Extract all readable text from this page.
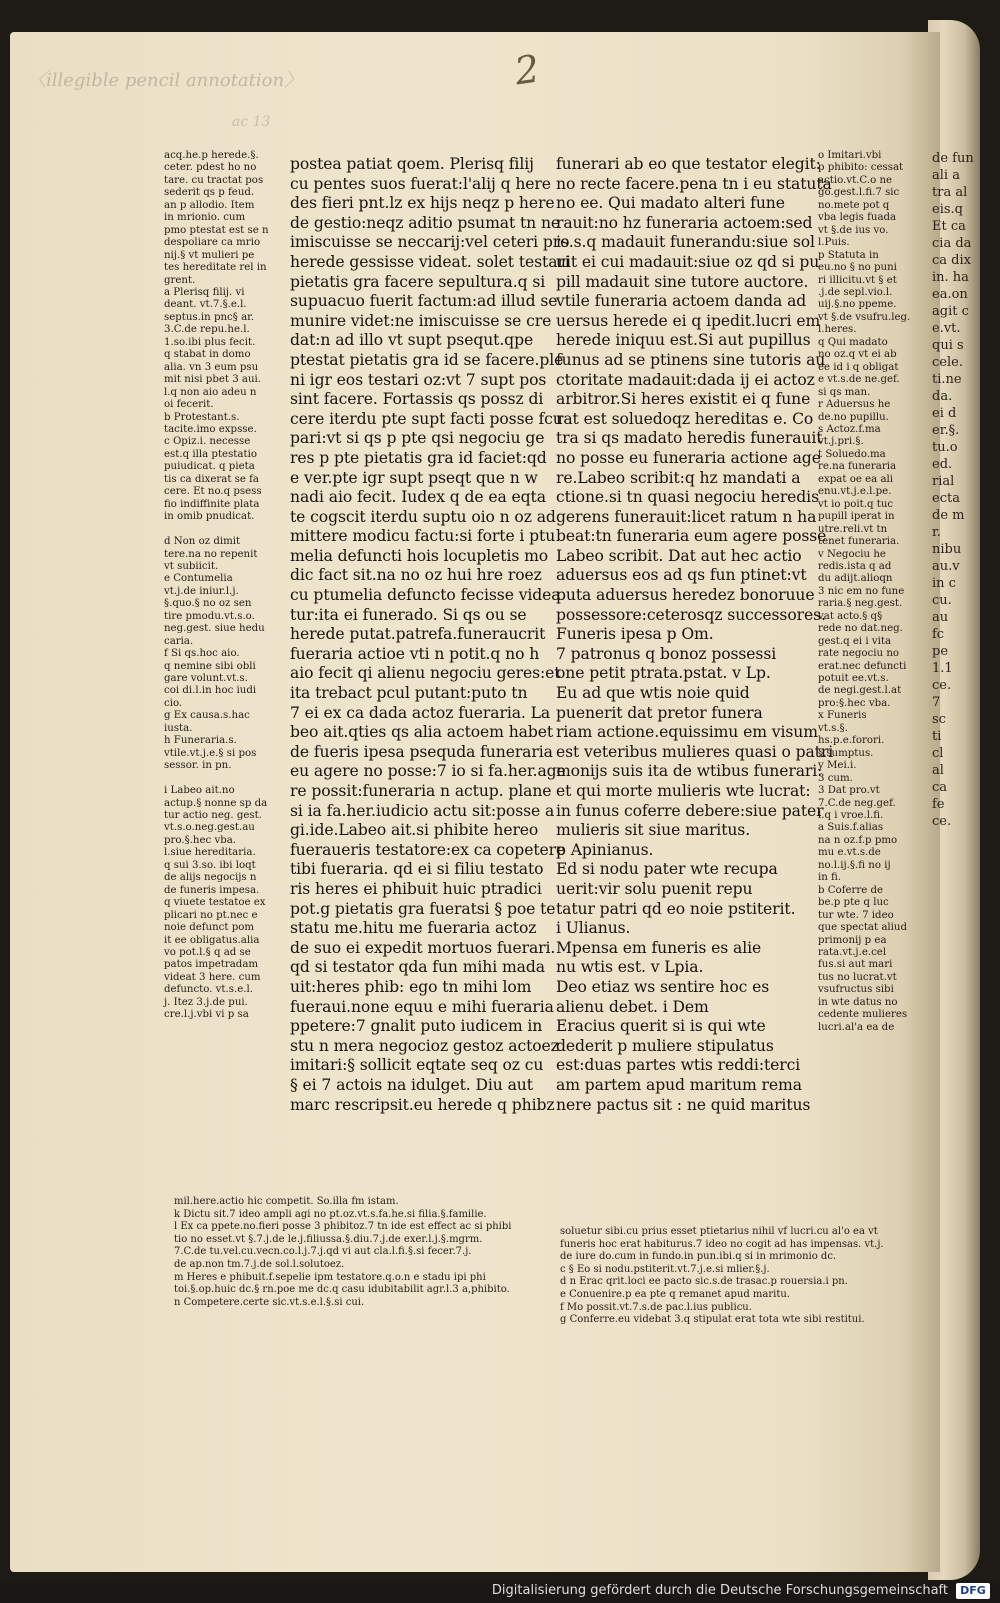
〈illegible pencil annotation〉
ac 13
2
acq.he.p herede.§.
ceter. pdest ho no
tare. cu tractat pos
sederit qs p feud.
an p allodio. Item
in mrionio. cum
pmo ptestat est se n
despoliare ca mrio
nij.§ vt mulieri pe
tes hereditate rel in
grent.
a Plerisq filij. vi
deant. vt.7.§.e.l.
septus.in pnc§ ar.
3.C.de repu.he.l.
1.so.ibi plus fecit.
q stabat in domo
alia. vn 3 eum psu
mit nisi pbet 3 aui.
l.q non aio adeu n
oi fecerit.
b Protestant.s.
tacite.imo expsse.
c Opiz.i. necesse
est.q illa ptestatio
puiudicat. q pieta
tis ca dixerat se fa
cere. Et no.q psess
fio indiffinite plata
in omib pnudicat.

d Non oz dimit
tere.na no repenit
vt subiicit.
e Contumelia
vt.j.de iniur.l.j.
§.quo.§ no oz sen
tire pmodu.vt.s.o.
neg.gest. siue hedu
caria.
f Si qs.hoc aio.
q nemine sibi obli
gare volunt.vt.s.
coi di.l.in hoc iudi
cio.
g Ex causa.s.hac
iusta.
h Funeraria.s.
vtile.vt.j.e.§ si pos
sessor. in pn.

i Labeo ait.no
actup.§ nonne sp da
tur actio neg. gest.
vt.s.o.neg.gest.au
pro.§.hec vba.
l.siue hereditaria.
q sui 3.so. ibi loqt
de alijs negocijs n
de funeris impesa.
q viuete testatoe ex
plicari no pt.nec e
noie defunct pom
it ee obligatus.alia
vo pot.l.§ q ad se
patos impetradam
videat 3 here. cum
defuncto. vt.s.e.l.
j. Itez 3.j.de pui.
cre.l.j.vbi vi p sa
postea patiat qoem. Plerisq filij
cu pentes suos fuerat:l'alij q here
des fieri pnt.lz ex hijs neqz p here
de gestio:neqz aditio psumat tn ne
imiscuisse se neccarij:vel ceteri pro
herede gessisse videat. solet testari
pietatis gra facere sepultura.q si
supuacuo fuerit factum:ad illud se
munire videt:ne imiscuisse se cre
dat:n ad illo vt supt psequt.qpe
ptestat pietatis gra id se facere.ple
ni igr eos testari oz:vt 7 supt pos
sint facere. Fortassis qs possz di
cere iterdu pte supt facti posse fcu
pari:vt si qs p pte qsi negociu ge
res p pte pietatis gra id faciet:qd
e ver.pte igr supt pseqt que n w
nadi aio fecit. Iudex q de ea eqta
te cogscit iterdu suptu oio n oz ad
mittere modicu factu:si forte i ptu
melia defuncti hois locupletis mo
dic fact sit.na no oz hui hre roez
cu ptumelia defuncto fecisse videa
tur:ita ei funerado. Si qs ou se
herede putat.patrefa.funeraucrit
fueraria actioe vti n potit.q no h
aio fecit qi alienu negociu geres:et
ita trebact pcul putant:puto tn
7 ei ex ca dada actoz fueraria. La
beo ait.qties qs alia actoem habet
de fueris ipesa psequda funeraria
eu agere no posse:7 io si fa.her.age
re possit:funeraria n actup. plane
si ia fa.her.iudicio actu sit:posse a
gi.ide.Labeo ait.si phibite hereo
fueraueris testatore:ex ca copetere
tibi fueraria. qd ei si filiu testato
ris heres ei phibuit huic ptradici
pot.g pietatis gra fueratsi § poe te
statu me.hitu me fueraria actoz
de suo ei expedit mortuos fuerari.
qd si testator qda fun mihi mada
uit:heres phib: ego tn mihi lom
fueraui.none equu e mihi fueraria
ppetere:7 gnalit puto iudicem in
stu n mera negocioz gestoz actoez
imitari:§ sollicit eqtate seq oz cu
§ ei 7 actois na idulget. Diu aut
marc rescripsit.eu herede q phibz
funerari ab eo que testator elegit:
no recte facere.pena tn i eu statuta
no ee. Qui madato alteri fune
rauit:no hz funeraria actoem:sed
is.s.q madauit funerandu:siue sol
uit ei cui madauit:siue oz qd si pu
pill madauit sine tutore auctore.
vtile funeraria actoem danda ad
uersus herede ei q ipedit.lucri em
herede iniquu est.Si aut pupillus
funus ad se ptinens sine tutoris au
ctoritate madauit:dada ij ei actoz
arbitror.Si heres existit ei q fune
rat est soluedoqz hereditas e. Co
tra si qs madato heredis funerauit
no posse eu funeraria actione age
re.Labeo scribit:q hz mandati a
ctione.si tn quasi negociu heredis
gerens funerauit:licet ratum n ha
beat:tn funeraria eum agere posse
Labeo scribit. Dat aut hec actio
aduersus eos ad qs fun ptinet:vt
puta aduersus heredez bonoruue
possessore:ceterosqz successores.
Funeris ipesa p Om.
7 patronus q bonoz possessi
one petit ptrata.pstat. v Lp.
Eu ad que wtis noie quid
puenerit dat pretor funera
riam actione.equissimu em visum
est veteribus mulieres quasi o patri
monijs suis ita de wtibus funerari:
et qui morte mulieris wte lucrat:
in funus coferre debere:siue pater
mulieris sit siue maritus.
p Apinianus.
Ed si nodu pater wte recupa
uerit:vir solu puenit repu
tatur patri qd eo noie pstiterit.
i Ulianus.
Mpensa em funeris es alie
nu wtis est. v Lpia.
Deo etiaz ws sentire hoc es
alienu debet. i Dem
Eracius querit si is qui wte
dederit p muliere stipulatus
est:duas partes wtis reddi:terci
am partem apud maritum rema
nere pactus sit : ne quid maritus
o Imitari.vbi
p phibito: cessat
actio.vt.C.o ne
go.gest.l.fi.7 sic
no.mete pot q
vba legis fuada
vt §.de ius vo.
l.Puis.
p Statuta in
eu.no § no puni
ri illicitu.vt § et
.j.de sepl.vio.l.
uij.§.no ppeme.
vt §.de vsufru.leg.
l.heres.
q Qui madato
no oz.q vt ei ab
ee id i q obligat
e vt.s.de ne.gef.
si qs man.
r Aduersus he
de.no pupillu.
s Actoz.f.ma
vt.j.pri.§.
t Soluedo.ma
re.na funeraria
expat oe ea ali
enu.vt.j.e.l.pe.
vt io poit.q tuc
pupill iperat in
utre.reli.vt tn
tenet funeraria.
v Negociu he
redis.ista q ad
du adijt.alioqn
3 nic em no fune
raria.§ neg.gest.
vat acto.§ q§
rede no dat.neg.
gest.q ei i vita
rate negociu no
erat.nec defuncti
potuit ee.vt.s.
de negi.gest.l.at
pro:§.hec vba.
x Funeris
vt.s.§.
hs.p.e.forori.
§.sumptus.
y Mei.i.
3 cum.
3 Dat pro.vt
7.C.de neg.gef.
l.q i vroe.l.fi.
a Suis.f.alias
na n oz.f.p pmo
mu e.vt.s.de
no.l.ij.§.fi no ij
in fi.
b Coferre de
be.p pte q luc
tur wte. 7 ideo
que spectat aliud
primonij p ea
rata.vt.j.e.cel
fus.si aut mari
tus no lucrat.vt
vsufructus sibi
in wte datus no
cedente mulieres
lucri.al'a ea de
mil.here.actio hic competit. So.illa fm istam.
k Dictu sit.7 ideo ampli agi no pt.oz.vt.s.fa.he.si filia.§.familie.
l Ex ca ppete.no.fieri posse 3 phibitoz.7 tn ide est effect ac si phibi
tio no esset.vt §.7.j.de le.j.filiussa.§.diu.7.j.de exer.l.j.§.mgrm.
7.C.de tu.vel.cu.vecn.co.l.j.7.j.qd vi aut cla.l.fi.§.si fecer.7.j.
de ap.non tm.7.j.de sol.l.solutoez.
m Heres e phibuit.f.sepelie ipm testatore.q.o.n e stadu ipi phi
toi.§.op.huic dc.§ rn.poe me dc.q casu idubitabilit agr.l.3 a,phibito.
n Competere.certe sic.vt.s.e.l.§.si cui.
soluetur sibi.cu prius esset ptietarius nihil vf lucri.cu al'o ea vt
funeris hoc erat habiturus.7 ideo no cogit ad has impensas. vt.j.
de iure do.cum in fundo.in pun.ibi.q si in mrimonio dc.
c § Eo si nodu.pstiterit.vt.7.j.e.si mlier.§.j.
d n Erac qrit.loci ee pacto sic.s.de trasac.p rouersia.i pn.
e Conuenire.p ea pte q remanet apud maritu.
f Mo possit.vt.7.s.de pac.l.ius publicu.
g Conferre.eu videbat 3.q stipulat erat tota wte sibi restitui.
de fun
ali a
tra al
eis.q
Et ca
cia da
ca dix
in. ha
ea.on
agit c
e.vt.
qui s
cele.
ti.ne
da.
ei d
er.§.
tu.o
ed.
rial
ecta
de m
r.
nibu
au.v
in c
cu.
au
fc
pe
1.1
ce.
7
sc
ti
cl
al
ca
fe
ce.
Digitalisierung gefördert durch die Deutsche Forschungsgemeinschaft	DFG
